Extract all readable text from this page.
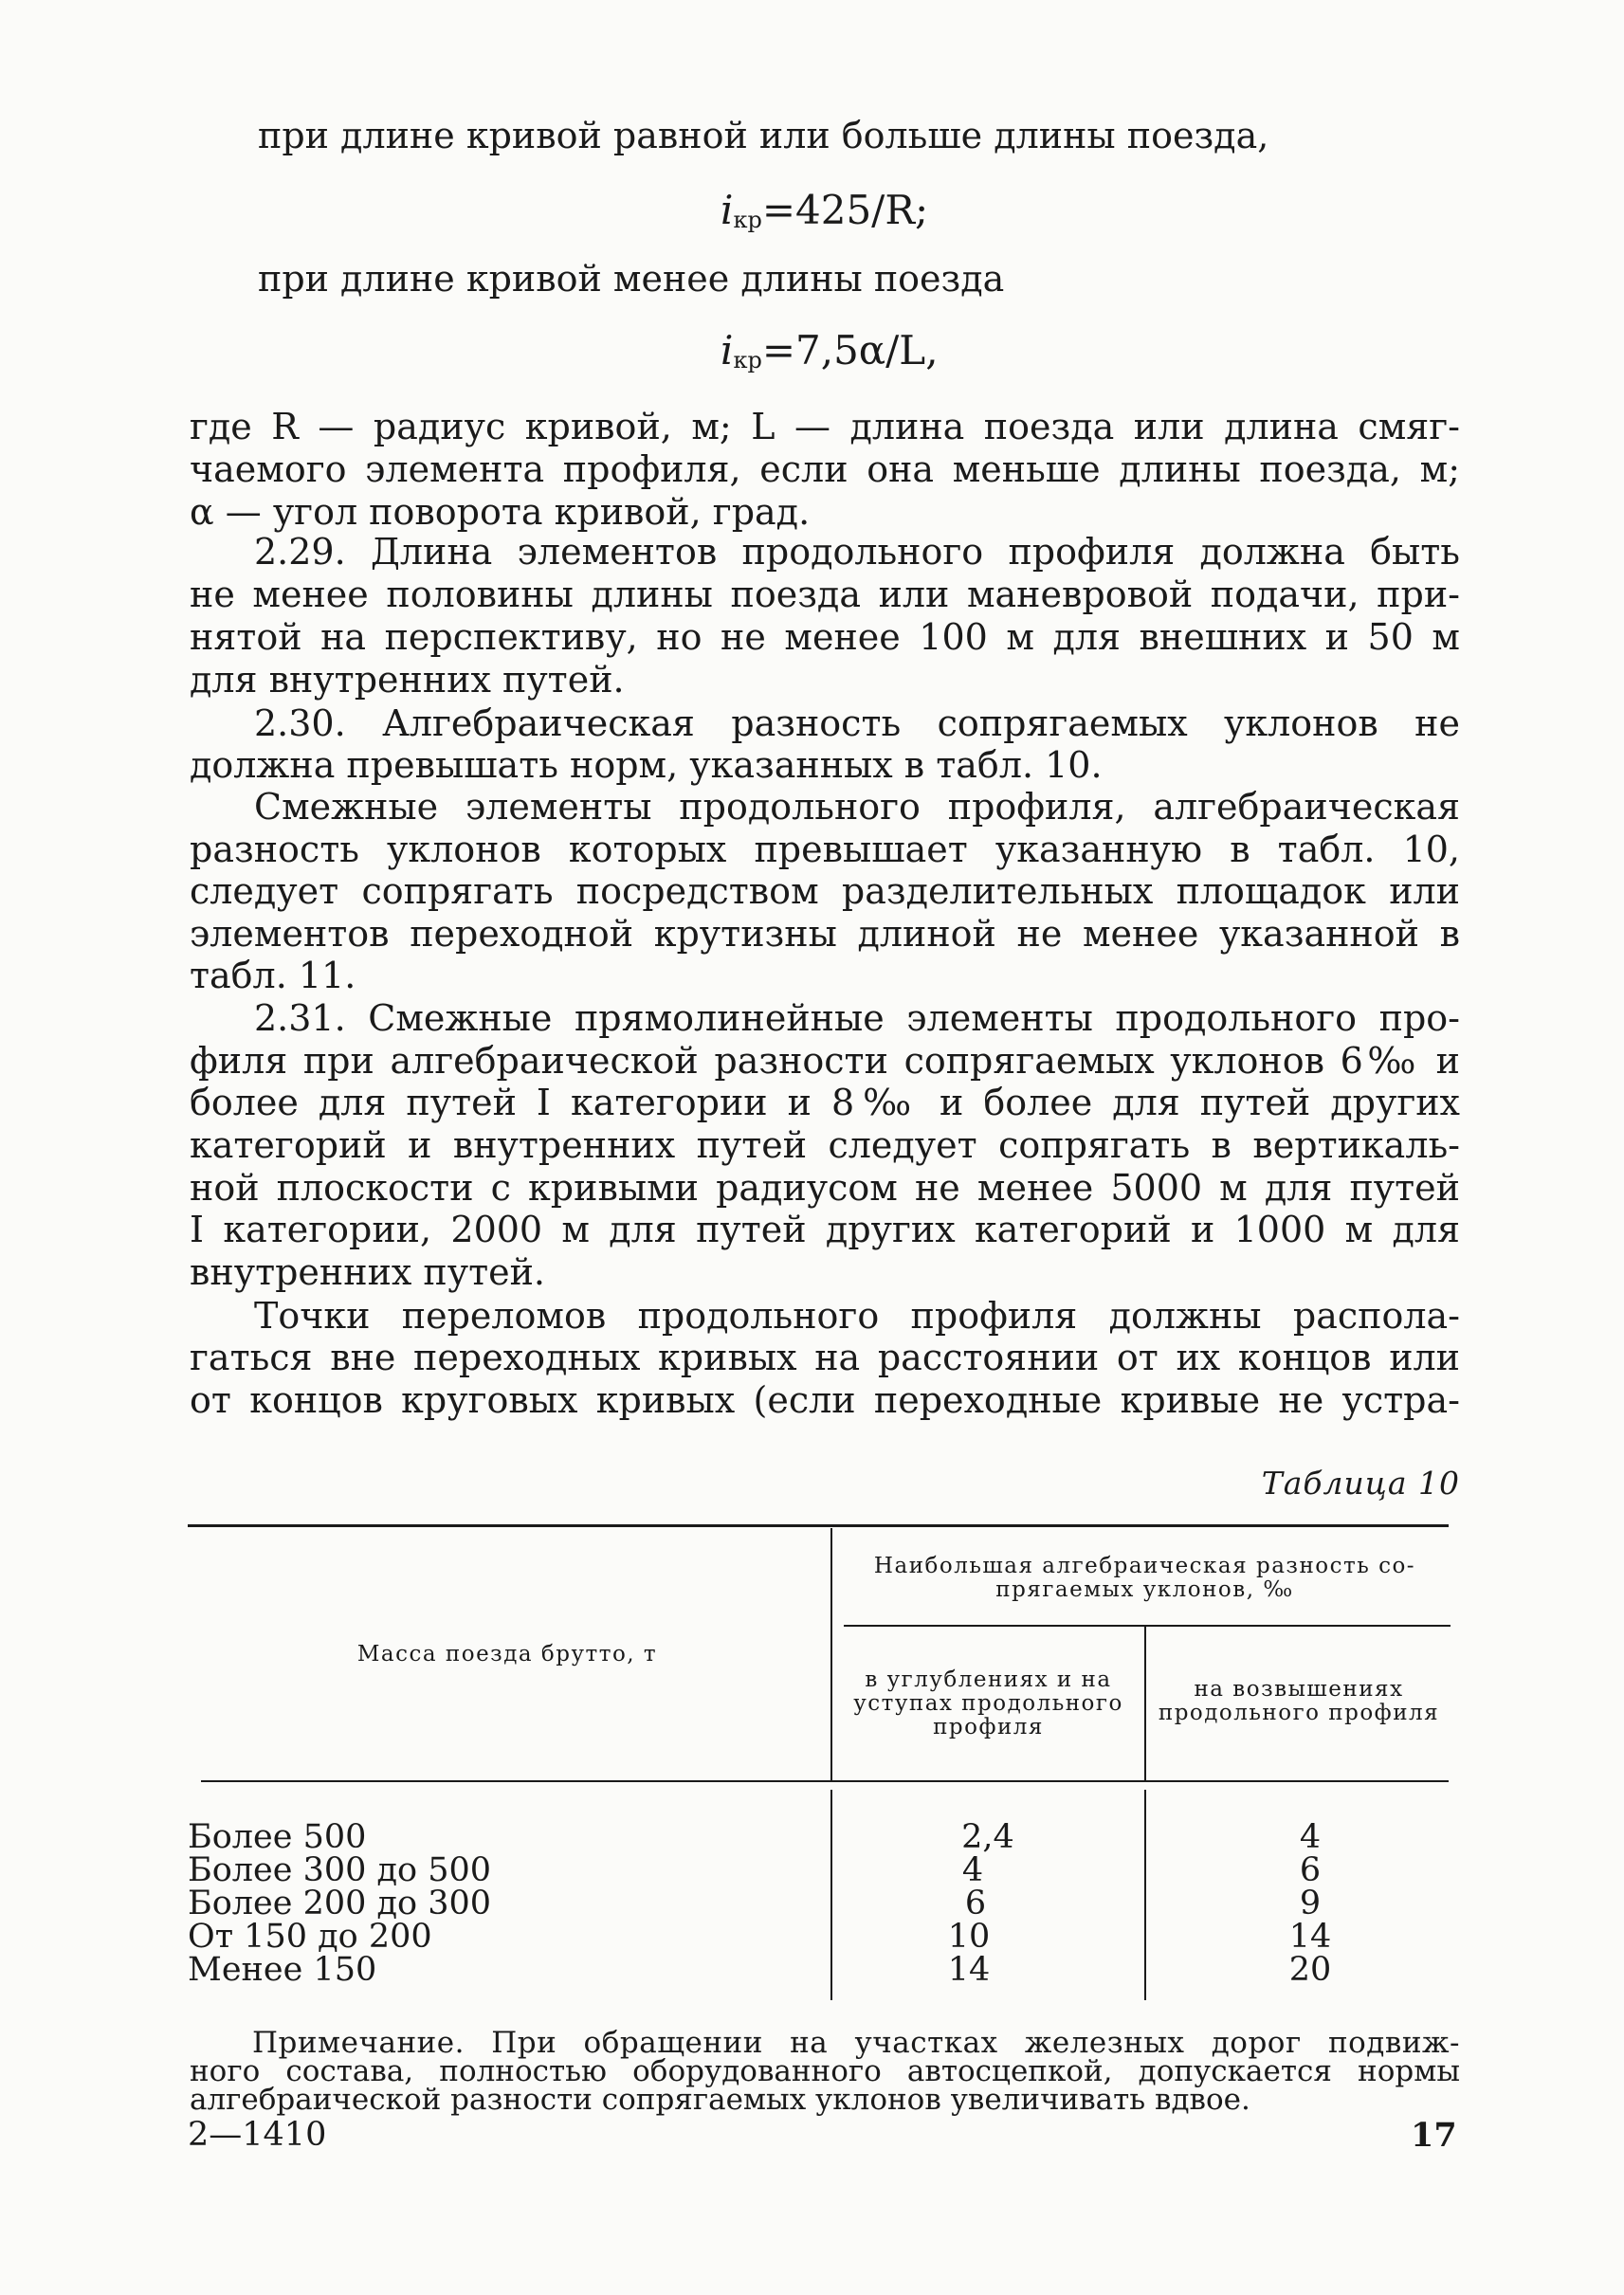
при длине кривой равной или больше длины поезда,
$i_{кр}=425/R$;
при длине кривой менее длины поезда
$i_{кр}=7,5\alpha/L$,
где R — радиус кривой, м; L — длина поезда или длина смяг-
чаемого элемента профиля, если она меньше длины поезда, м;
α — угол поворота кривой, град.
2.29. Длина элементов продольного профиля должна быть
не менее половины длины поезда или маневровой подачи, при-
нятой на перспективу, но не менее 100 м для внешних и 50 м
для внутренних путей.
2.30. Алгебраическая разность сопрягаемых уклонов не
должна превышать норм, указанных в табл. 10.
Смежные элементы продольного профиля, алгебраическая
разность уклонов которых превышает указанную в табл. 10,
следует сопрягать посредством разделительных площадок или
элементов переходной крутизны длиной не менее указанной в
табл. 11.
2.31. Смежные прямолинейные элементы продольного про-
филя при алгебраической разности сопрягаемых уклонов 6‰ и
более для путей I категории и 8‰ и более для путей других
категорий и внутренних путей следует сопрягать в вертикаль-
ной плоскости с кривыми радиусом не менее 5000 м для путей
I категории, 2000 м для путей других категорий и 1000 м для
внутренних путей.
Точки переломов продольного профиля должны распола-
гаться вне переходных кривых на расстоянии от их концов или
от концов круговых кривых (если переходные кривые не устра-
Таблица 10
Масса поезда брутто, т
Наибольшая алгебраическая разность со-
прягаемых уклонов, ‰
в углублениях и на
уступах продольного
профиля
на возвышениях
продольного профиля
Более 500	2,4	4
Более 300 до 500	4	6
Более 200 до 300	6	9
От 150 до 200	10	14
Менее 150	14	20
Примечание. При обращении на участках железных дорог подвиж-
ного состава, полностью оборудованного автосцепкой, допускается нормы
алгебраической разности сопрягаемых уклонов увеличивать вдвое.
2—1410	17
